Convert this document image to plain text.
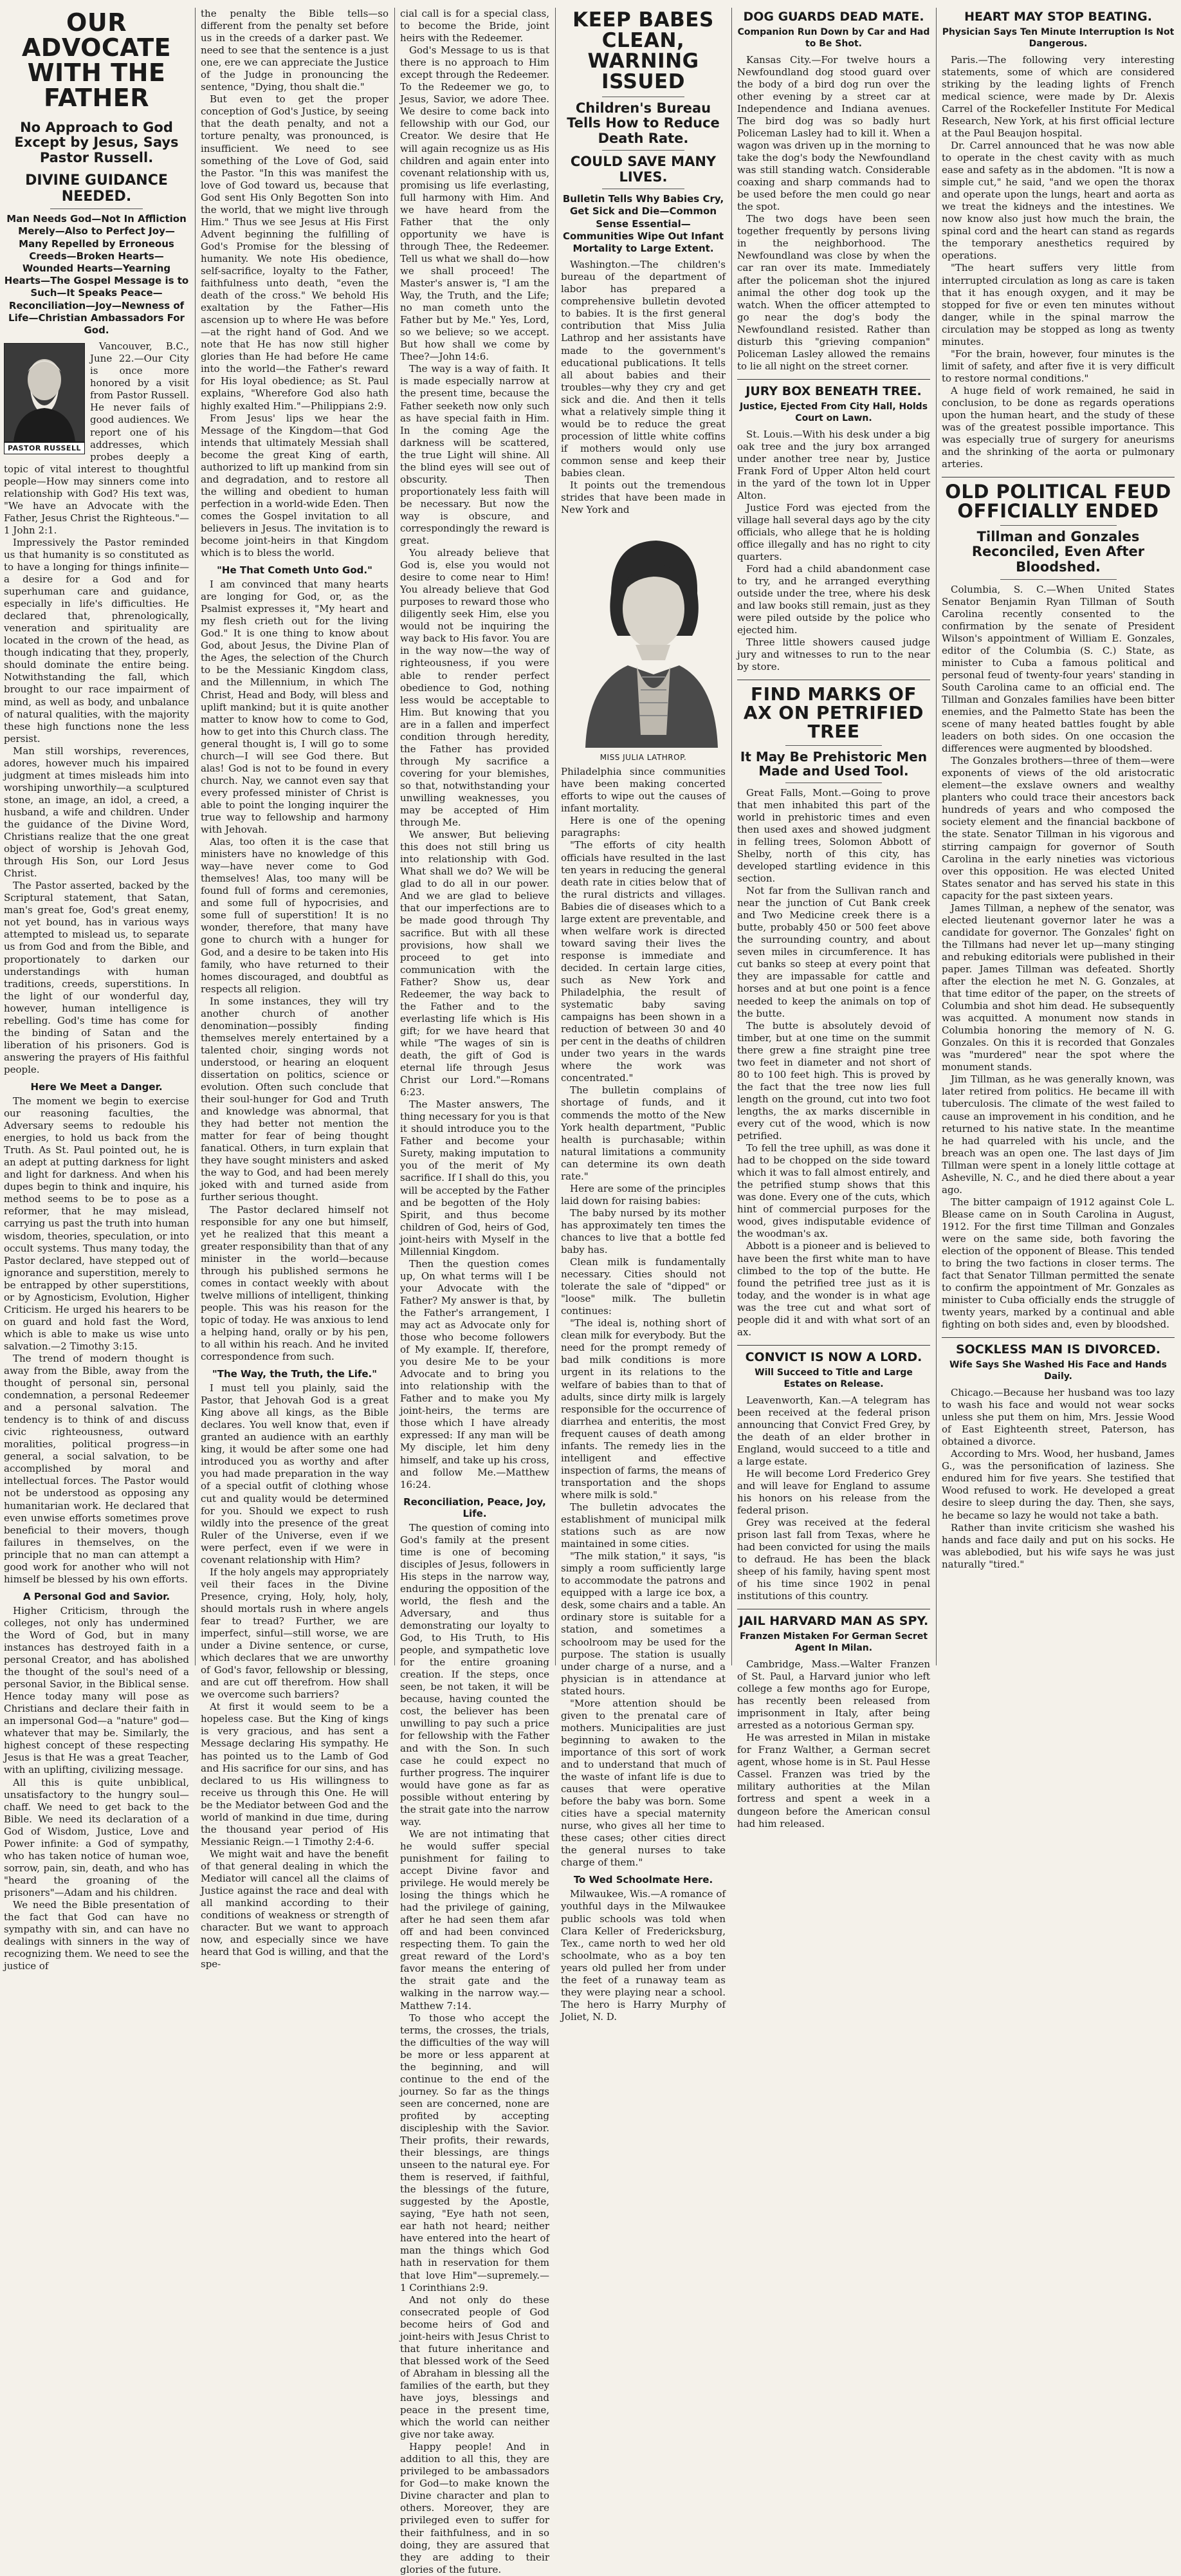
OUR ADVOCATE WITH THE FATHER
No Approach to God Except by Jesus, Says Pastor Russell.
DIVINE GUIDANCE NEEDED.
Man Needs God—Not In Affliction Merely—Also to Perfect Joy—Many Repelled by Erroneous Creeds—Broken Hearts—Wounded Hearts—Yearning Hearts—The Gospel Message is to Such—It Speaks Peace—Reconciliation—Joy—Newness of Life—Christian Ambassadors For God.
PASTOR RUSSELL

Vancouver, B.C., June 22.—Our City is once more honored by a visit from Pastor Russell. He never fails of good audiences. We report one of his addresses, which probes deeply a topic of vital interest to thoughtful people—How may sinners come into relationship with God? His text was, "We have an Advocate with the Father, Jesus Christ the Righteous."—1 John 2:1.

Impressively the Pastor reminded us that humanity is so constituted as to have a longing for things infinite—a desire for a God and for superhuman care and guidance, especially in life's difficulties. He declared that, phrenologically, veneration and spirituality are located in the crown of the head, as though indicating that they, properly, should dominate the entire being. Notwithstanding the fall, which brought to our race impairment of mind, as well as body, and unbalance of natural qualities, with the majority these high functions none the less persist.

Man still worships, reverences, adores, however much his impaired judgment at times misleads him into worshiping unworthily—a sculptured stone, an image, an idol, a creed, a husband, a wife and children. Under the guidance of the Divine Word, Christians realize that the one great object of worship is Jehovah God, through His Son, our Lord Jesus Christ.

The Pastor asserted, backed by the Scriptural statement, that Satan, man's great foe, God's great enemy, not yet bound, has in various ways attempted to mislead us, to separate us from God and from the Bible, and proportionately to darken our understandings with human traditions, creeds, superstitions. In the light of our wonderful day, however, human intelligence is rebelling. God's time has come for the binding of Satan and the liberation of his prisoners. God is answering the prayers of His faithful people.

Here We Meet a Danger.

The moment we begin to exercise our reasoning faculties, the Adversary seems to redouble his energies, to hold us back from the Truth. As St. Paul pointed out, he is an adept at putting darkness for light and light for darkness. And when his dupes begin to think and inquire, his method seems to be to pose as a reformer, that he may mislead, carrying us past the truth into human wisdom, theories, speculation, or into occult systems. Thus many today, the Pastor declared, have stepped out of ignorance and superstition, merely to be entrapped by other superstitions, or by Agnosticism, Evolution, Higher Criticism. He urged his hearers to be on guard and hold fast the Word, which is able to make us wise unto salvation.—2 Timothy 3:15.

The trend of modern thought is away from the Bible, away from the thought of personal sin, personal condemnation, a personal Redeemer and a personal salvation. The tendency is to think of and discuss civic righteousness, outward moralities, political progress—in general, a social salvation, to be accomplished by moral and intellectual forces. The Pastor would not be understood as opposing any humanitarian work. He declared that even unwise efforts sometimes prove beneficial to their movers, though failures in themselves, on the principle that no man can attempt a good work for another who will not himself be blessed by his own efforts.

A Personal God and Savior.

Higher Criticism, through the colleges, not only has undermined the Word of God, but in many instances has destroyed faith in a personal Creator, and has abolished the thought of the soul's need of a personal Savior, in the Biblical sense. Hence today many will pose as Christians and declare their faith in an impersonal God—a "nature" god—whatever that may be. Similarly, the highest concept of these respecting Jesus is that He was a great Teacher, with an uplifting, civilizing message.

All this is quite unbiblical, unsatisfactory to the hungry soul—chaff. We need to get back to the Bible. We need its declaration of a God of Wisdom, Justice, Love and Power infinite: a God of sympathy, who has taken notice of human woe, sorrow, pain, sin, death, and who has "heard the groaning of the prisoners"—Adam and his children.

We need the Bible presentation of the fact that God can have no sympathy with sin, and can have no dealings with sinners in the way of recognizing them. We need to see the justice of

the penalty the Bible tells—so different from the penalty set before us in the creeds of a darker past. We need to see that the sentence is a just one, ere we can appreciate the Justice of the Judge in pronouncing the sentence, "Dying, thou shalt die."

But even to get the proper conception of God's Justice, by seeing that the death penalty, and not a torture penalty, was pronounced, is insufficient. We need to see something of the Love of God, said the Pastor. "In this was manifest the love of God toward us, because that God sent His Only Begotten Son into the world, that we might live through Him." Thus we see Jesus at His First Advent beginning the fulfilling of God's Promise for the blessing of humanity. We note His obedience, self-sacrifice, loyalty to the Father, faithfulness unto death, "even the death of the cross." We behold His exaltation by the Father—His ascension up to where He was before—at the right hand of God. And we note that He has now still higher glories than He had before He came into the world—the Father's reward for His loyal obedience; as St. Paul explains, "Wherefore God also hath highly exalted Him."—Philippians 2:9.

From Jesus' lips we hear the Message of the Kingdom—that God intends that ultimately Messiah shall become the great King of earth, authorized to lift up mankind from sin and degradation, and to restore all the willing and obedient to human perfection in a world-wide Eden. Then comes the Gospel invitation to all believers in Jesus. The invitation is to become joint-heirs in that Kingdom which is to bless the world.

"He That Cometh Unto God."

I am convinced that many hearts are longing for God, or, as the Psalmist expresses it, "My heart and my flesh crieth out for the living God." It is one thing to know about God, about Jesus, the Divine Plan of the Ages, the selection of the Church to be the Messianic Kingdom class, and the Millennium, in which The Christ, Head and Body, will bless and uplift mankind; but it is quite another matter to know how to come to God, how to get into this Church class. The general thought is, I will go to some church—I will see God there. But alas! God is not to be found in every church. Nay, we cannot even say that every professed minister of Christ is able to point the longing inquirer the true way to fellowship and harmony with Jehovah.

Alas, too often it is the case that ministers have no knowledge of this way—have never come to God themselves! Alas, too many will be found full of forms and ceremonies, and some full of hypocrisies, and some full of superstition! It is no wonder, therefore, that many have gone to church with a hunger for God, and a desire to be taken into His family, who have returned to their homes discouraged, and doubtful as respects all religion.

In some instances, they will try another church of another denomination—possibly finding themselves merely entertained by a talented choir, singing words not understood, or hearing an eloquent dissertation on politics, science or evolution. Often such conclude that their soul-hunger for God and Truth and knowledge was abnormal, that they had better not mention the matter for fear of being thought fanatical. Others, in turn explain that they have sought ministers and asked the way to God, and had been merely joked with and turned aside from further serious thought.

The Pastor declared himself not responsible for any one but himself, yet he realized that this meant a greater responsibility than that of any minister in the world—because through his published sermons he comes in contact weekly with about twelve millions of intelligent, thinking people. This was his reason for the topic of today. He was anxious to lend a helping hand, orally or by his pen, to all within his reach. And he invited correspondence from such.

"The Way, the Truth, the Life."

I must tell you plainly, said the Pastor, that Jehovah God is a great King above all kings, as the Bible declares. You well know that, even if granted an audience with an earthly king, it would be after some one had introduced you as worthy and after you had made preparation in the way of a special outfit of clothing whose cut and quality would be determined for you. Should we expect to rush wildly into the presence of the great Ruler of the Universe, even if we were perfect, even if we were in covenant relationship with Him?

If the holy angels may appropriately veil their faces in the Divine Presence, crying, Holy, holy, holy, should mortals rush in where angels fear to tread? Further, we are imperfect, sinful—still worse, we are under a Divine sentence, or curse, which declares that we are unworthy of God's favor, fellowship or blessing, and are cut off therefrom. How shall we overcome such barriers?

At first it would seem to be a hopeless case. But the King of kings is very gracious, and has sent a Message declaring His sympathy. He has pointed us to the Lamb of God and His sacrifice for our sins, and has declared to us His willingness to receive us through this One. He will be the Mediator between God and the world of mankind in due time, during the thousand year period of His Messianic Reign.—1 Timothy 2:4-6.

We might wait and have the benefit of that general dealing in which the Mediator will cancel all the claims of Justice against the race and deal with all mankind according to their conditions of weakness or strength of character. But we want to approach now, and especially since we have heard that God is willing, and that the spe-

cial call is for a special class, to become the Bride, joint heirs with the Redeemer.

God's Message to us is that there is no approach to Him except through the Redeemer. To the Redeemer we go, to Jesus, Savior, we adore Thee. We desire to come back into fellowship with our God, our Creator. We desire that He will again recognize us as His children and again enter into covenant relationship with us, promising us life everlasting, full harmony with Him. And we have heard from the Father that the only opportunity we have is through Thee, the Redeemer. Tell us what we shall do—how we shall proceed! The Master's answer is, "I am the Way, the Truth, and the Life; no man cometh unto the Father but by Me." Yes, Lord, so we believe; so we accept. But how shall we come by Thee?—John 14:6.

The way is a way of faith. It is made especially narrow at the present time, because the Father seeketh now only such as have special faith in Him. In the coming Age the darkness will be scattered, the true Light will shine. All the blind eyes will see out of obscurity. Then proportionately less faith will be necessary. But now the way is obscure, and correspondingly the reward is great.

You already believe that God is, else you would not desire to come near to Him! You already believe that God purposes to reward those who diligently seek Him, else you would not be inquiring the way back to His favor. You are in the way now—the way of righteousness, if you were able to render perfect obedience to God, nothing less would be acceptable to Him. But knowing that you are in a fallen and imperfect condition through heredity, the Father has provided through My sacrifice a covering for your blemishes, so that, notwithstanding your unwilling weaknesses, you may be accepted of Him through Me.

We answer, But believing this does not still bring us into relationship with God. What shall we do? We will be glad to do all in our power. And we are glad to believe that our imperfections are to be made good through Thy sacrifice. But with all these provisions, how shall we proceed to get into communication with the Father? Show us, dear Redeemer, the way back to the Father and to the everlasting life which is His gift; for we have heard that while "The wages of sin is death, the gift of God is eternal life through Jesus Christ our Lord."—Romans 6:23.

The Master answers, The thing necessary for you is that it should introduce you to the Father and become your Surety, making imputation to you of the merit of My sacrifice. If I shall do this, you will be accepted by the Father and be begotten of the Holy Spirit, and thus become children of God, heirs of God, joint-heirs with Myself in the Millennial Kingdom.

Then the question comes up, On what terms will I be your Advocate with the Father? My answer is that, by the Father's arrangement, I may act as Advocate only for those who become followers of My example. If, therefore, you desire Me to be your Advocate and to bring you into relationship with the Father and to make you My joint-heirs, the terms are those which I have already expressed: If any man will be My disciple, let him deny himself, and take up his cross, and follow Me.—Matthew 16:24.

Reconciliation, Peace, Joy, Life.

The question of coming into God's family at the present time is one of becoming disciples of Jesus, followers in His steps in the narrow way, enduring the opposition of the world, the flesh and the Adversary, and thus demonstrating our loyalty to God, to His Truth, to His people, and sympathetic love for the entire groaning creation. If the steps, once seen, be not taken, it will be because, having counted the cost, the believer has been unwilling to pay such a price for fellowship with the Father and with the Son. In such case he could expect no further progress. The inquirer would have gone as far as possible without entering by the strait gate into the narrow way.

We are not intimating that he would suffer special punishment for failing to accept Divine favor and privilege. He would merely be losing the things which he had the privilege of gaining, after he had seen them afar off and had been convinced respecting them. To gain the great reward of the Lord's favor means the entering of the strait gate and the walking in the narrow way.—Matthew 7:14.

To those who accept the terms, the crosses, the trials, the difficulties of the way will be more or less apparent at the beginning, and will continue to the end of the journey. So far as the things seen are concerned, none are profited by accepting discipleship with the Savior. Their profits, their rewards, their blessings, are things unseen to the natural eye. For them is reserved, if faithful, the blessings of the future, suggested by the Apostle, saying, "Eye hath not seen, ear hath not heard; neither have entered into the heart of man the things which God hath in reservation for them that love Him"—supremely.—1 Corinthians 2:9.

And not only do these consecrated people of God become heirs of God and joint-heirs with Jesus Christ to that future inheritance and that blessed work of the Seed of Abraham in blessing all the families of the earth, but they have joys, blessings and peace in the present time, which the world can neither give nor take away.

Happy people! And in addition to all this, they are privileged to be ambassadors for God—to make known the Divine character and plan to others. Moreover, they are privileged even to suffer for their faithfulness, and in so doing, they are assured that they are adding to their glories of the future.

KEEP BABES CLEAN, WARNING ISSUED
Children's Bureau Tells How to Reduce Death Rate.
COULD SAVE MANY LIVES.
Bulletin Tells Why Babies Cry, Get Sick and Die—Common Sense Essential—Communities Wipe Out Infant Mortality to Large Extent.

Washington.—The children's bureau of the department of labor has prepared a comprehensive bulletin devoted to babies. It is the first general contribution that Miss Julia Lathrop and her assistants have made to the government's educational publications. It tells all about babies and their troubles—why they cry and get sick and die. And then it tells what a relatively simple thing it would be to reduce the great procession of little white coffins if mothers would only use common sense and keep their babies clean.

It points out the tremendous strides that have been made in New York and

MISS JULIA LATHROP.

Philadelphia since communities have been making concerted efforts to wipe out the causes of infant mortality.

Here is one of the opening paragraphs:

"The efforts of city health officials have resulted in the last ten years in reducing the general death rate in cities below that of the rural districts and villages. Babies die of diseases which to a large extent are preventable, and when welfare work is directed toward saving their lives the response is immediate and decided. In certain large cities, such as New York and Philadelphia, the result of systematic baby saving campaigns has been shown in a reduction of between 30 and 40 per cent in the deaths of children under two years in the wards where the work was concentrated."

The bulletin complains of shortage of funds, and it commends the motto of the New York health department, "Public health is purchasable; within natural limitations a community can determine its own death rate."

Here are some of the principles laid down for raising babies:

The baby nursed by its mother has approximately ten times the chances to live that a bottle fed baby has.

Clean milk is fundamentally necessary. Cities should not tolerate the sale of "dipped" or "loose" milk. The bulletin continues:

"The ideal is, nothing short of clean milk for everybody. But the need for the prompt remedy of bad milk conditions is more urgent in its relations to the welfare of babies than to that of adults, since dirty milk is largely responsible for the occurrence of diarrhea and enteritis, the most frequent causes of death among infants. The remedy lies in the intelligent and effective inspection of farms, the means of transportation and the shops where milk is sold."

The bulletin advocates the establishment of municipal milk stations such as are now maintained in some cities.

"The milk station," it says, "is simply a room sufficiently large to accommodate the patrons and equipped with a large ice box, a desk, some chairs and a table. An ordinary store is suitable for a station, and sometimes a schoolroom may be used for the purpose. The station is usually under charge of a nurse, and a physician is in attendance at stated hours.

"More attention should be given to the prenatal care of mothers. Municipalities are just beginning to awaken to the importance of this sort of work and to understand that much of the waste of infant life is due to causes that were operative before the baby was born. Some cities have a special maternity nurse, who gives all her time to these cases; other cities direct the general nurses to take charge of them."

To Wed Schoolmate Here.

Milwaukee, Wis.—A romance of youthful days in the Milwaukee public schools was told when Clara Keller of Fredericksburg, Tex., came north to wed her old schoolmate, who as a boy ten years old pulled her from under the feet of a runaway team as they were playing near a school. The hero is Harry Murphy of Joliet, N. D.

DOG GUARDS DEAD MATE.
Companion Run Down by Car and Had to Be Shot.

Kansas City.—For twelve hours a Newfoundland dog stood guard over the body of a bird dog run over the other evening by a street car at Independence and Indiana avenues. The bird dog was so badly hurt Policeman Lasley had to kill it. When a wagon was driven up in the morning to take the dog's body the Newfoundland was still standing watch. Considerable coaxing and sharp commands had to be used before the men could go near the spot.

The two dogs have been seen together frequently by persons living in the neighborhood. The Newfoundland was close by when the car ran over its mate. Immediately after the policeman shot the injured animal the other dog took up the watch. When the officer attempted to go near the dog's body the Newfoundland resisted. Rather than disturb this "grieving companion" Policeman Lasley allowed the remains to lie all night on the street corner.

JURY BOX BENEATH TREE.
Justice, Ejected From City Hall, Holds Court on Lawn.

St. Louis.—With his desk under a big oak tree and the jury box arranged under another tree near by, Justice Frank Ford of Upper Alton held court in the yard of the town lot in Upper Alton.

Justice Ford was ejected from the village hall several days ago by the city officials, who allege that he is holding office illegally and has no right to city quarters.

Ford had a child abandonment case to try, and he arranged everything outside under the tree, where his desk and law books still remain, just as they were piled outside by the police who ejected him.

Three little showers caused judge jury and witnesses to run to the near by store.

FIND MARKS OF AX ON PETRIFIED TREE
It May Be Prehistoric Men Made and Used Tool.

Great Falls, Mont.—Going to prove that men inhabited this part of the world in prehistoric times and even then used axes and showed judgment in felling trees, Solomon Abbott of Shelby, north of this city, has developed startling evidence in this section.

Not far from the Sullivan ranch and near the junction of Cut Bank creek and Two Medicine creek there is a butte, probably 450 or 500 feet above the surrounding country, and about seven miles in circumference. It has cut banks so steep at every point that they are impassable for cattle and horses and at but one point is a fence needed to keep the animals on top of the butte.

The butte is absolutely devoid of timber, but at one time on the summit there grew a fine straight pine tree two feet in diameter and not short of 80 to 100 feet high. This is proved by the fact that the tree now lies full length on the ground, cut into two foot lengths, the ax marks discernible in every cut of the wood, which is now petrified.

To fell the tree uphill, as was done it had to be chopped on the side toward which it was to fall almost entirely, and the petrified stump shows that this was done. Every one of the cuts, which hint of commercial purposes for the wood, gives indisputable evidence of the woodman's ax.

Abbott is a pioneer and is believed to have been the first white man to have climbed to the top of the butte. He found the petrified tree just as it is today, and the wonder is in what age was the tree cut and what sort of people did it and with what sort of an ax.

CONVICT IS NOW A LORD.
Will Succeed to Title and Large Estates on Release.

Leavenworth, Kan.—A telegram has been received at the federal prison announcing that Convict Fred Grey, by the death of an elder brother in England, would succeed to a title and a large estate.

He will become Lord Frederico Grey and will leave for England to assume his honors on his release from the federal prison.

Grey was received at the federal prison last fall from Texas, where he had been convicted for using the mails to defraud. He has been the black sheep of his family, having spent most of his time since 1902 in penal institutions of this country.

JAIL HARVARD MAN AS SPY.
Franzen Mistaken For German Secret Agent In Milan.

Cambridge, Mass.—Walter Franzen of St. Paul, a Harvard junior who left college a few months ago for Europe, has recently been released from imprisonment in Italy, after being arrested as a notorious German spy.

He was arrested in Milan in mistake for Franz Walther, a German secret agent, whose home is in St. Paul Hesse Cassel. Franzen was tried by the military authorities at the Milan fortress and spent a week in a dungeon before the American consul had him released.

HEART MAY STOP BEATING.
Physician Says Ten Minute Interruption Is Not Dangerous.

Paris.—The following very interesting statements, some of which are considered striking by the leading lights of French medical science, were made by Dr. Alexis Carrel of the Rockefeller Institute For Medical Research, New York, at his first official lecture at the Paul Beaujon hospital.

Dr. Carrel announced that he was now able to operate in the chest cavity with as much ease and safety as in the abdomen. "It is now a simple cut," he said, "and we open the thorax and operate upon the lungs, heart and aorta as we treat the kidneys and the intestines. We now know also just how much the brain, the spinal cord and the heart can stand as regards the temporary anesthetics required by operations.

"The heart suffers very little from interrupted circulation as long as care is taken that it has enough oxygen, and it may be stopped for five or even ten minutes without danger, while in the spinal marrow the circulation may be stopped as long as twenty minutes.

"For the brain, however, four minutes is the limit of safety, and after five it is very difficult to restore normal conditions."

A huge field of work remained, he said in conclusion, to be done as regards operations upon the human heart, and the study of these was of the greatest possible importance. This was especially true of surgery for aneurisms and the shrinking of the aorta or pulmonary arteries.

OLD POLITICAL FEUD OFFICIALLY ENDED
Tillman and Gonzales Reconciled, Even After Bloodshed.

Columbia, S. C.—When United States Senator Benjamin Ryan Tillman of South Carolina recently consented to the confirmation by the senate of President Wilson's appointment of William E. Gonzales, editor of the Columbia (S. C.) State, as minister to Cuba a famous political and personal feud of twenty-four years' standing in South Carolina came to an official end. The Tillman and Gonzales families have been bitter enemies, and the Palmetto State has been the scene of many heated battles fought by able leaders on both sides. On one occasion the differences were augmented by bloodshed.

The Gonzales brothers—three of them—were exponents of views of the old aristocratic element—the exslave owners and wealthy planters who could trace their ancestors back hundreds of years and who composed the society element and the financial backbone of the state. Senator Tillman in his vigorous and stirring campaign for governor of South Carolina in the early nineties was victorious over this opposition. He was elected United States senator and has served his state in this capacity for the past sixteen years.

James Tillman, a nephew of the senator, was elected lieutenant governor later he was a candidate for governor. The Gonzales' fight on the Tillmans had never let up—many stinging and rebuking editorials were published in their paper. James Tillman was defeated. Shortly after the election he met N. G. Gonzales, at that time editor of the paper, on the streets of Columbia and shot him dead. He subsequently was acquitted. A monument now stands in Columbia honoring the memory of N. G. Gonzales. On this it is recorded that Gonzales was "murdered" near the spot where the monument stands.

Jim Tillman, as he was generally known, was later retired from politics. He became ill with tuberculosis. The climate of the west failed to cause an improvement in his condition, and he returned to his native state. In the meantime he had quarreled with his uncle, and the breach was an open one. The last days of Jim Tillman were spent in a lonely little cottage at Asheville, N. C., and he died there about a year ago.

The bitter campaign of 1912 against Cole L. Blease came on in South Carolina in August, 1912. For the first time Tillman and Gonzales were on the same side, both favoring the election of the opponent of Blease. This tended to bring the two factions in closer terms. The fact that Senator Tillman permitted the senate to confirm the appointment of Mr. Gonzales as minister to Cuba officially ends the struggle of twenty years, marked by a continual and able fighting on both sides and, even by bloodshed.

SOCKLESS MAN IS DIVORCED.
Wife Says She Washed His Face and Hands Daily.

Chicago.—Because her husband was too lazy to wash his face and would not wear socks unless she put them on him, Mrs. Jessie Wood of East Eighteenth street, Paterson, has obtained a divorce.

According to Mrs. Wood, her husband, James G., was the personification of laziness. She endured him for five years. She testified that Wood refused to work. He developed a great desire to sleep during the day. Then, she says, he became so lazy he would not take a bath.

Rather than invite criticism she washed his hands and face daily and put on his socks. He was ablebodied, but his wife says he was just naturally "tired."
